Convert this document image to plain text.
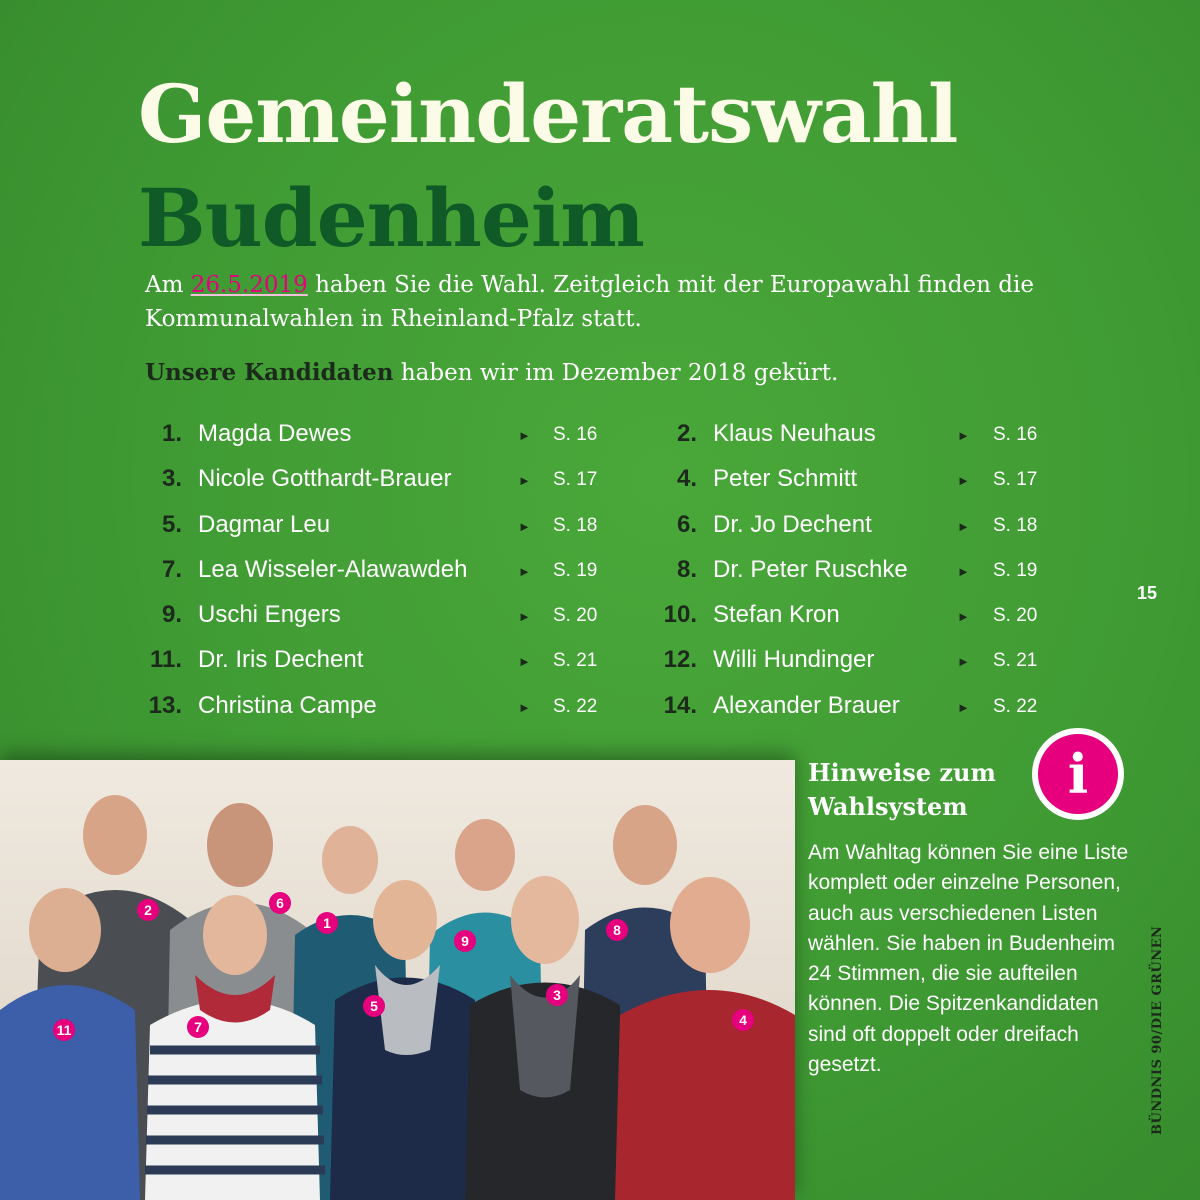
Gemeinderatswahl
Budenheim

Am 26.5.2019 haben Sie die Wahl. Zeitgleich mit der Europawahl finden die Kommunalwahlen in Rheinland-Pfalz statt.

Unsere Kandidaten haben wir im Dezember 2018 gekürt.

1. Magda Dewes	► S. 16
3. Nicole Gotthardt-Brauer	► S. 17
5. Dagmar Leu	► S. 18
7. Lea Wisseler-Alawawdeh	► S. 19
9. Uschi Engers	► S. 20
11. Dr. Iris Dechent	► S. 21
13. Christina Campe	► S. 22
2. Klaus Neuhaus	► S. 16
4. Peter Schmitt	► S. 17
6. Dr. Jo Dechent	► S. 18
8. Dr. Peter Ruschke	► S. 19
10. Stefan Kron	► S. 20
12. Willi Hundinger	► S. 21
14. Alexander Brauer	► S. 22
15
2	6
1
9
8
3
5
4
11	7
i
Hinweise zum Wahlsystem

Am Wahltag können Sie eine Liste komplett oder einzelne Personen, auch aus verschiedenen Listen wählen. Sie haben in Budenheim 24 Stimmen, die sie aufteilen können. Die Spitzenkandidaten sind oft doppelt oder dreifach gesetzt.	BÜNDNIS 90/DIE GRÜNEN
